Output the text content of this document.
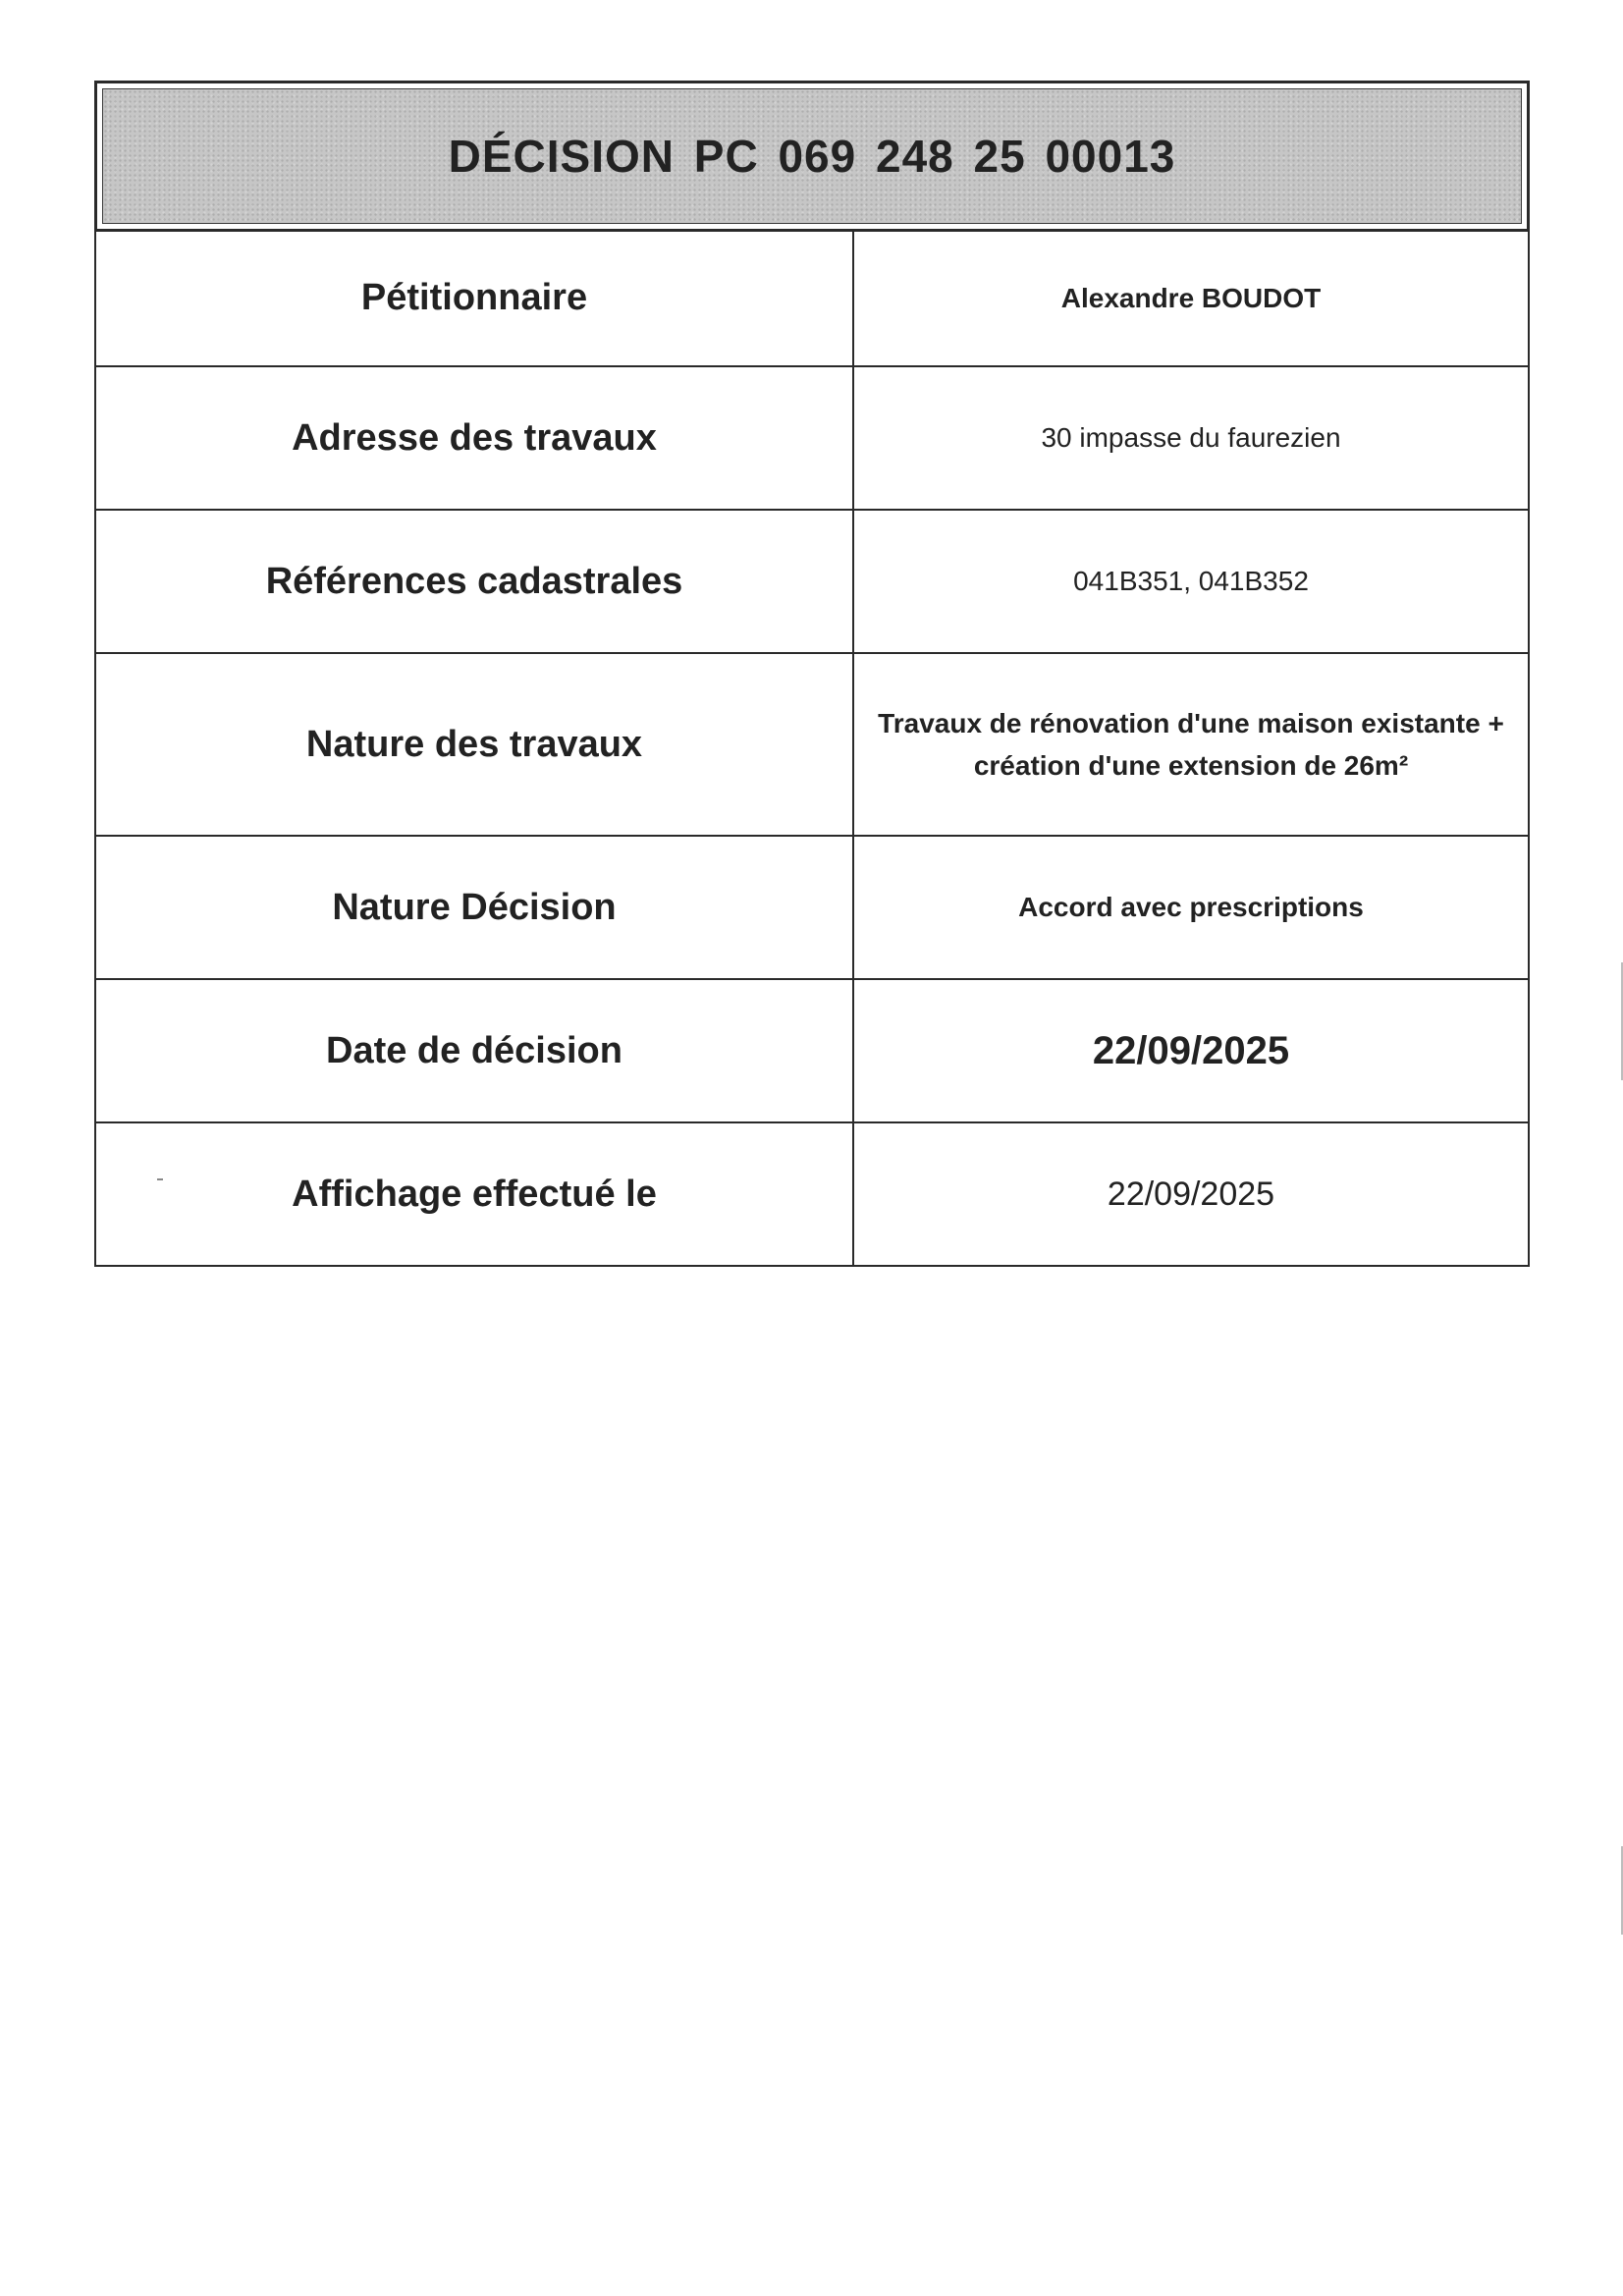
DÉCISION PC 069 248 25 00013
Pétitionnaire	Alexandre BOUDOT
Adresse des travaux	30 impasse du faurezien
Références cadastrales	041B351, 041B352
Nature des travaux	Travaux de rénovation d'une maison existante +
création d'une extension de 26m²

Nature Décision	Accord avec prescriptions
Date de décision	22/09/2025
Affichage effectué le	22/09/2025
